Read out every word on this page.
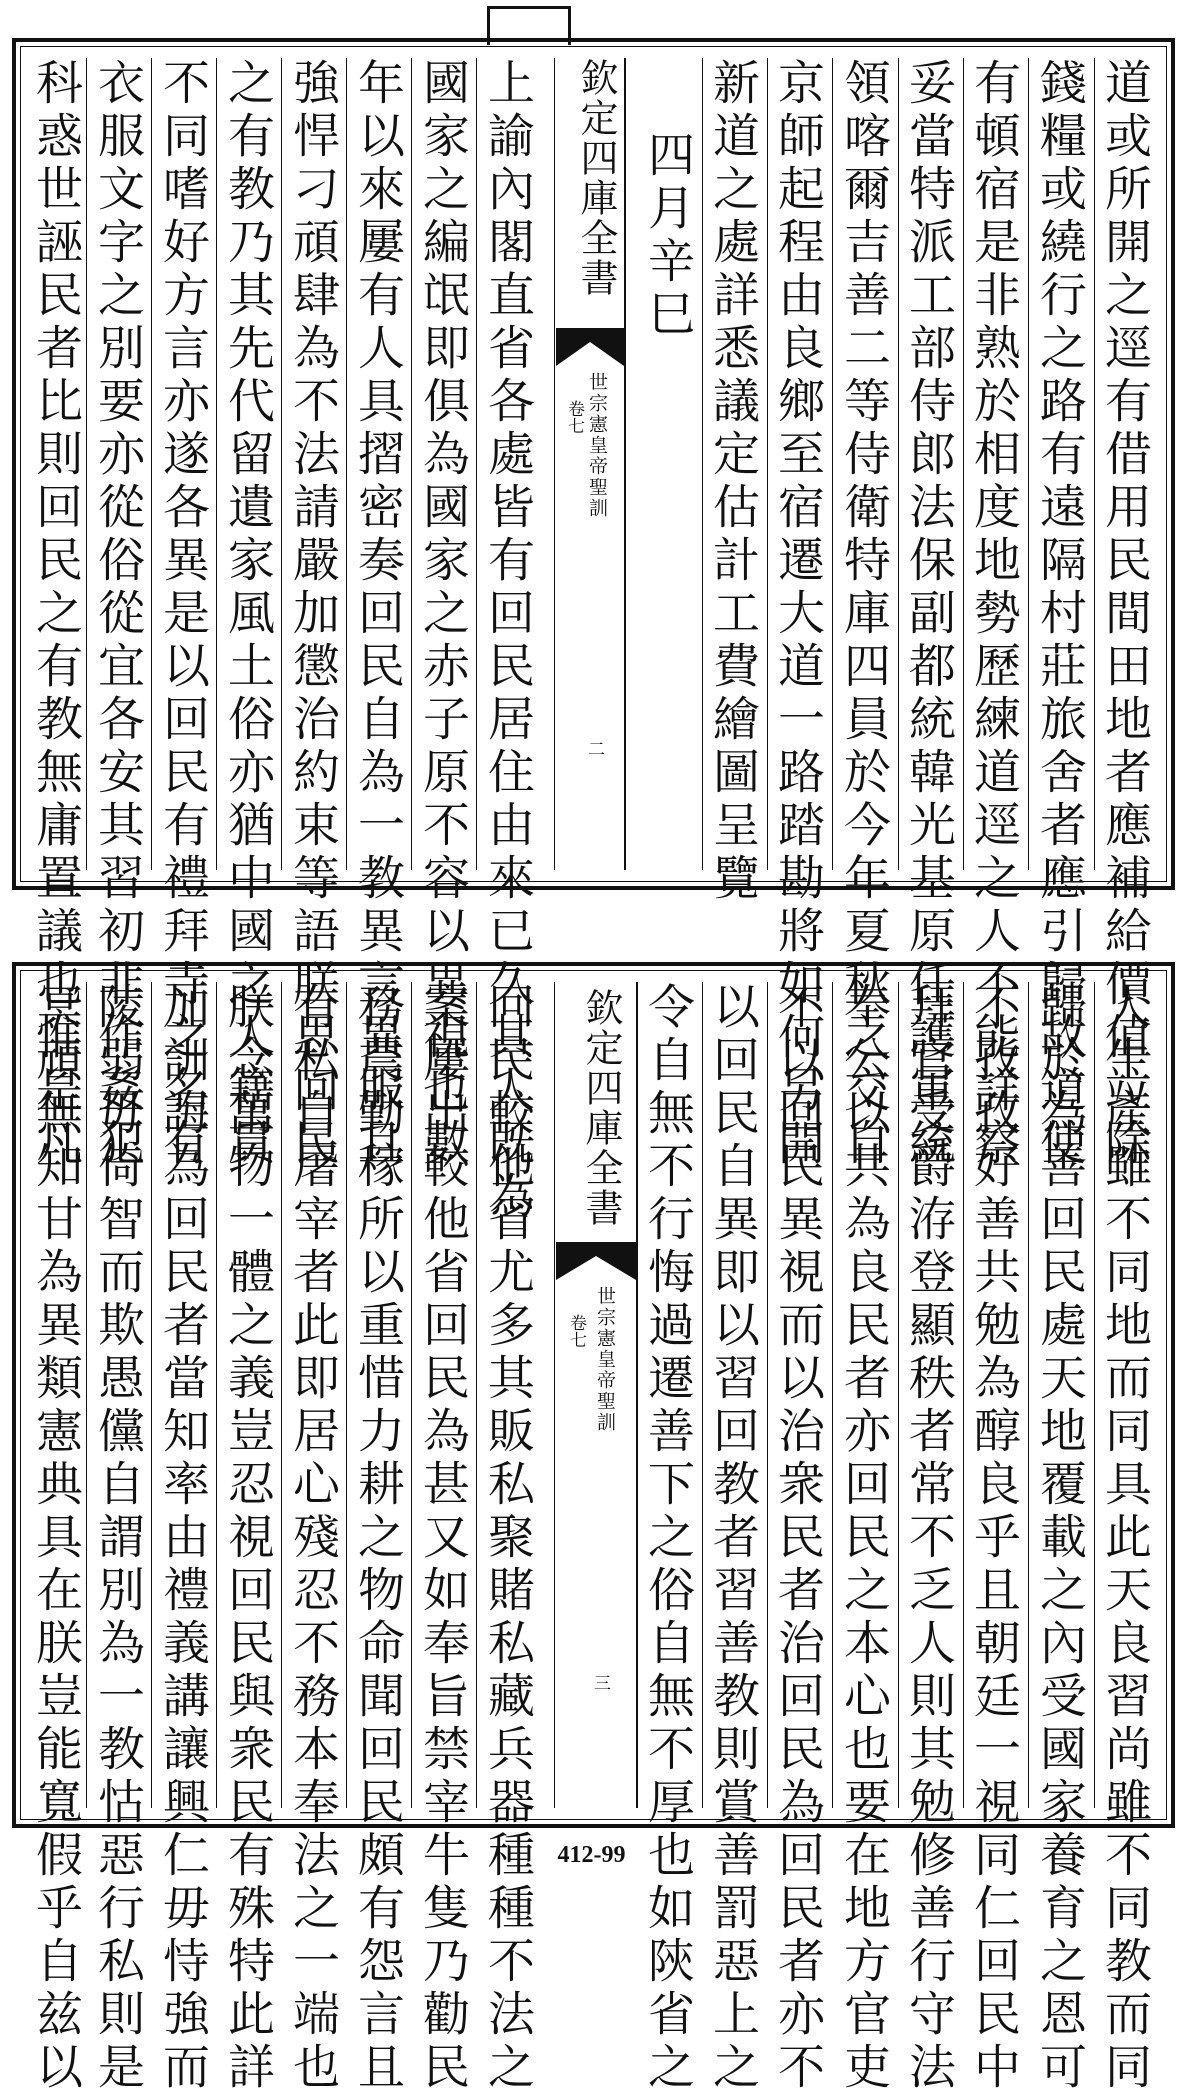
道或所開之逕有借用民間田地者應補給價值竝除
錢糧或繞行之路有遠隔村莊旅舍者應引歸故道使
有頓宿是非熟於相度地勢歷練道逕之人不能詳察
妥當特派工部侍郎法保副都統韓光基原任護軍統
領喀爾吉善二等侍衛特庫四員於今年夏秋之交自
京師起程由良鄉至宿遷大道一路踏勘將如何另開
新道之處詳悉議定估計工費繪圖呈覽
四月辛巳
欽定四庫全書
世宗憲皇帝聖訓
卷七
二
上諭內閣直省各處皆有回民居住由來已久其人既為
國家之編氓即俱為國家之赤子原不容以異視也數
年以來屢有人具摺密奏回民自為一教異言異服且
強悍刁頑肆為不法請嚴加懲治約束等語朕思回民
之有教乃其先代留遺家風土俗亦猶中國之人籍貫
不同嗜好方言亦遂各異是以回民有禮拜寺之名有
衣服文字之別要亦從俗從宜各安其習初非作姦犯
科惑世誣民者比則回民之有教無庸置議也惟是凡
人生產雖不同地而同具此天良習尚雖不同教而同
歸於為善回民處天地覆載之內受國家養育之恩可
不孜孜好善共勉為醇良乎且朝廷一視同仁回民中
拜官受爵洊登顯秩者常不乏人則其勉修善行守法
奉公以共為良民者亦回民之本心也要在地方官吏
不以回民異視而以治衆民者治回民為回民者亦不
以回民自異即以習回教者習善教則賞善罰惡上之
令自無不行悔過遷善下之俗自無不厚也如陝省之
欽定四庫全書
世宗憲皇帝聖訓
卷七
三
回民較他省尤多其販私聚賭私藏兵器種種不法之
案屢出較他省回民為甚又如奉旨禁宰牛隻乃勸民
務農勤稼所以重惜力耕之物命聞回民頗有怨言且
有私自屠宰者此即居心殘忍不務本奉法之一端也
朕念萬物一體之義豈忍視回民與衆民有殊特此詳
加訓誨為回民者當知率由禮義講讓興仁毋恃強而
陵弱毋倚智而欺愚儻自謂別為一教怙惡行私則是
冥頑無知甘為異類憲典具在朕豈能寬假乎自兹以	412-99
